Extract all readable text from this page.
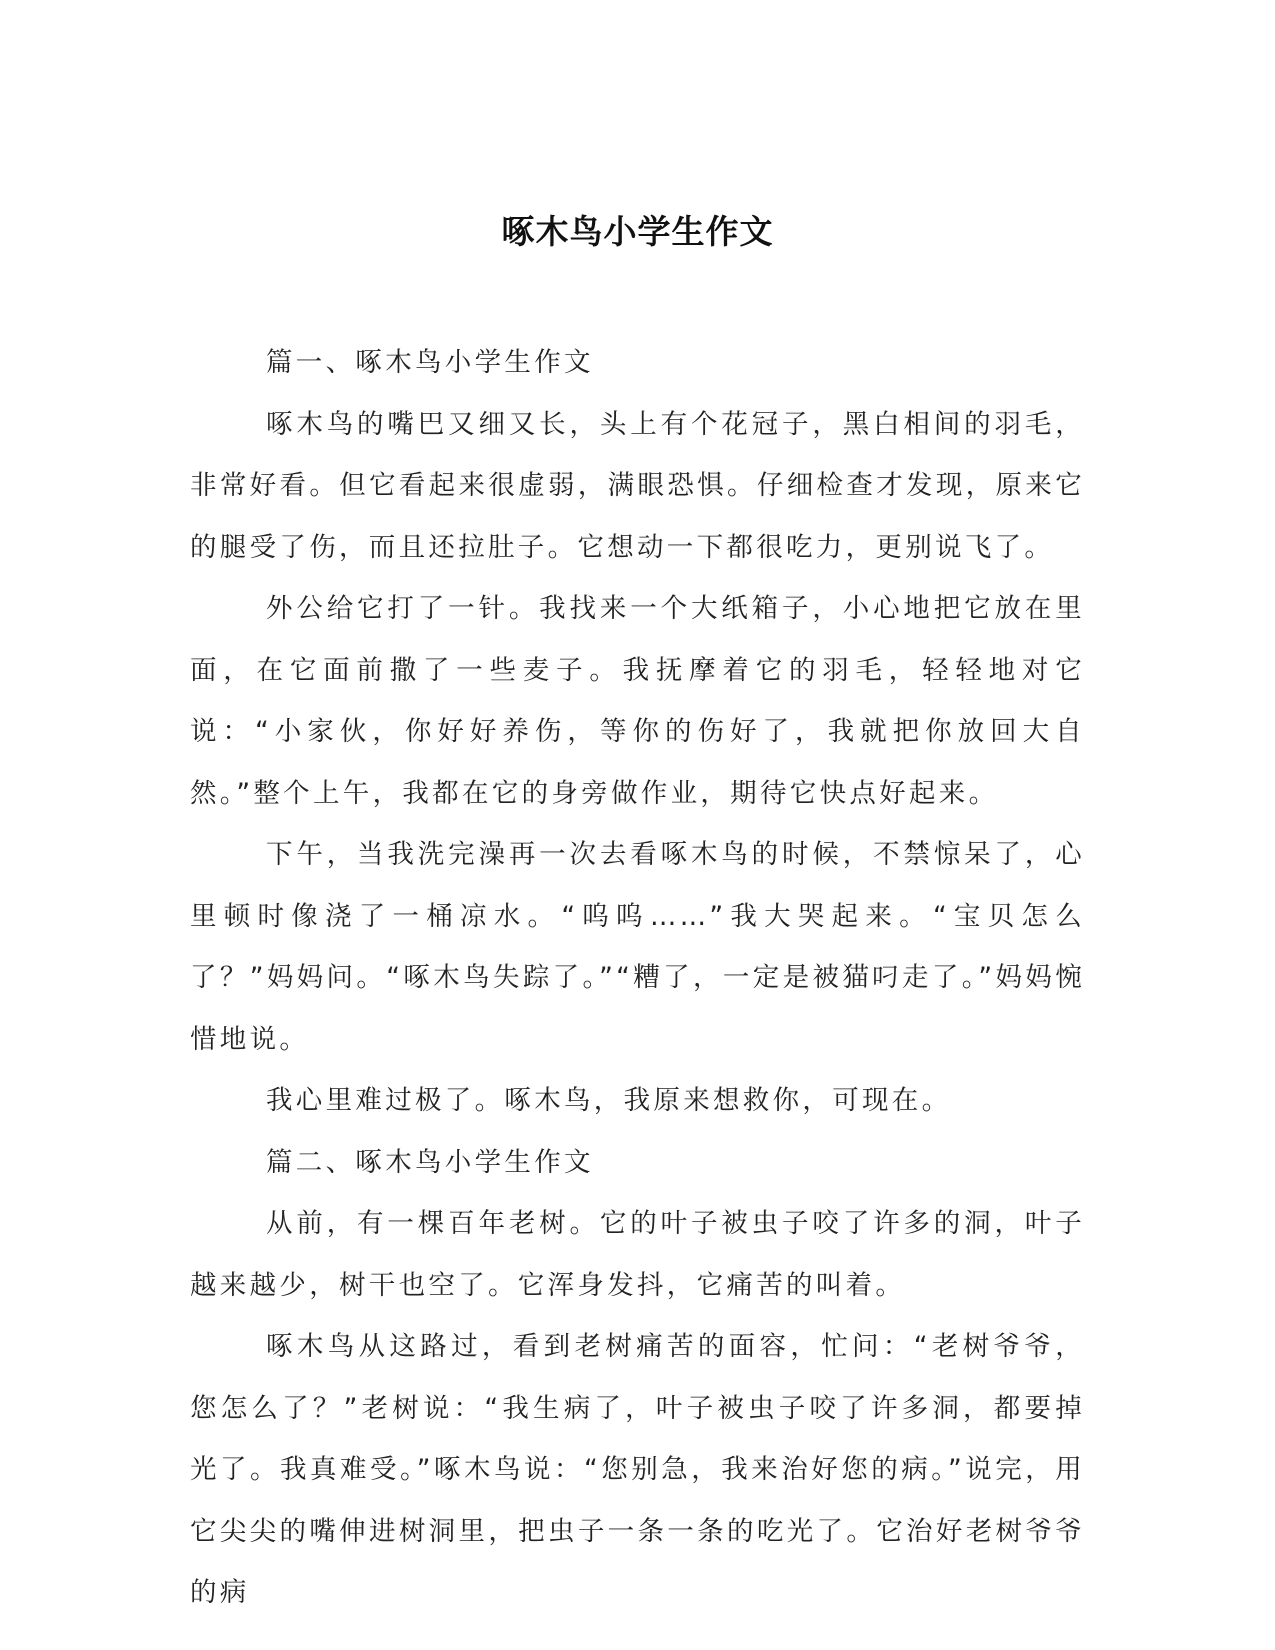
啄木鸟小学生作文

篇一、啄木鸟小学生作文

啄木鸟的嘴巴又细又长，头上有个花冠子，黑白相间的羽毛，非常好看。但它看起来很虚弱，满眼恐惧。仔细检查才发现，原来它的腿受了伤，而且还拉肚子。它想动一下都很吃力，更别说飞了。

外公给它打了一针。我找来一个大纸箱子，小心地把它放在里面，在它面前撒了一些麦子。我抚摩着它的羽毛，轻轻地对它说：“小家伙，你好好养伤，等你的伤好了，我就把你放回大自然。”整个上午，我都在它的身旁做作业，期待它快点好起来。

下午，当我洗完澡再一次去看啄木鸟的时候，不禁惊呆了，心里顿时像浇了一桶凉水。“呜呜……”我大哭起来。“宝贝怎么了？”妈妈问。“啄木鸟失踪了。”“糟了，一定是被猫叼走了。”妈妈惋惜地说。

我心里难过极了。啄木鸟，我原来想救你，可现在。

篇二、啄木鸟小学生作文

从前，有一棵百年老树。它的叶子被虫子咬了许多的洞，叶子越来越少，树干也空了。它浑身发抖，它痛苦的叫着。

啄木鸟从这路过，看到老树痛苦的面容，忙问：“老树爷爷，您怎么了？”老树说：“我生病了，叶子被虫子咬了许多洞，都要掉光了。我真难受。”啄木鸟说：“您别急，我来治好您的病。”说完，用它尖尖的嘴伸进树洞里，把虫子一条一条的吃光了。它治好老树爷爷的病
